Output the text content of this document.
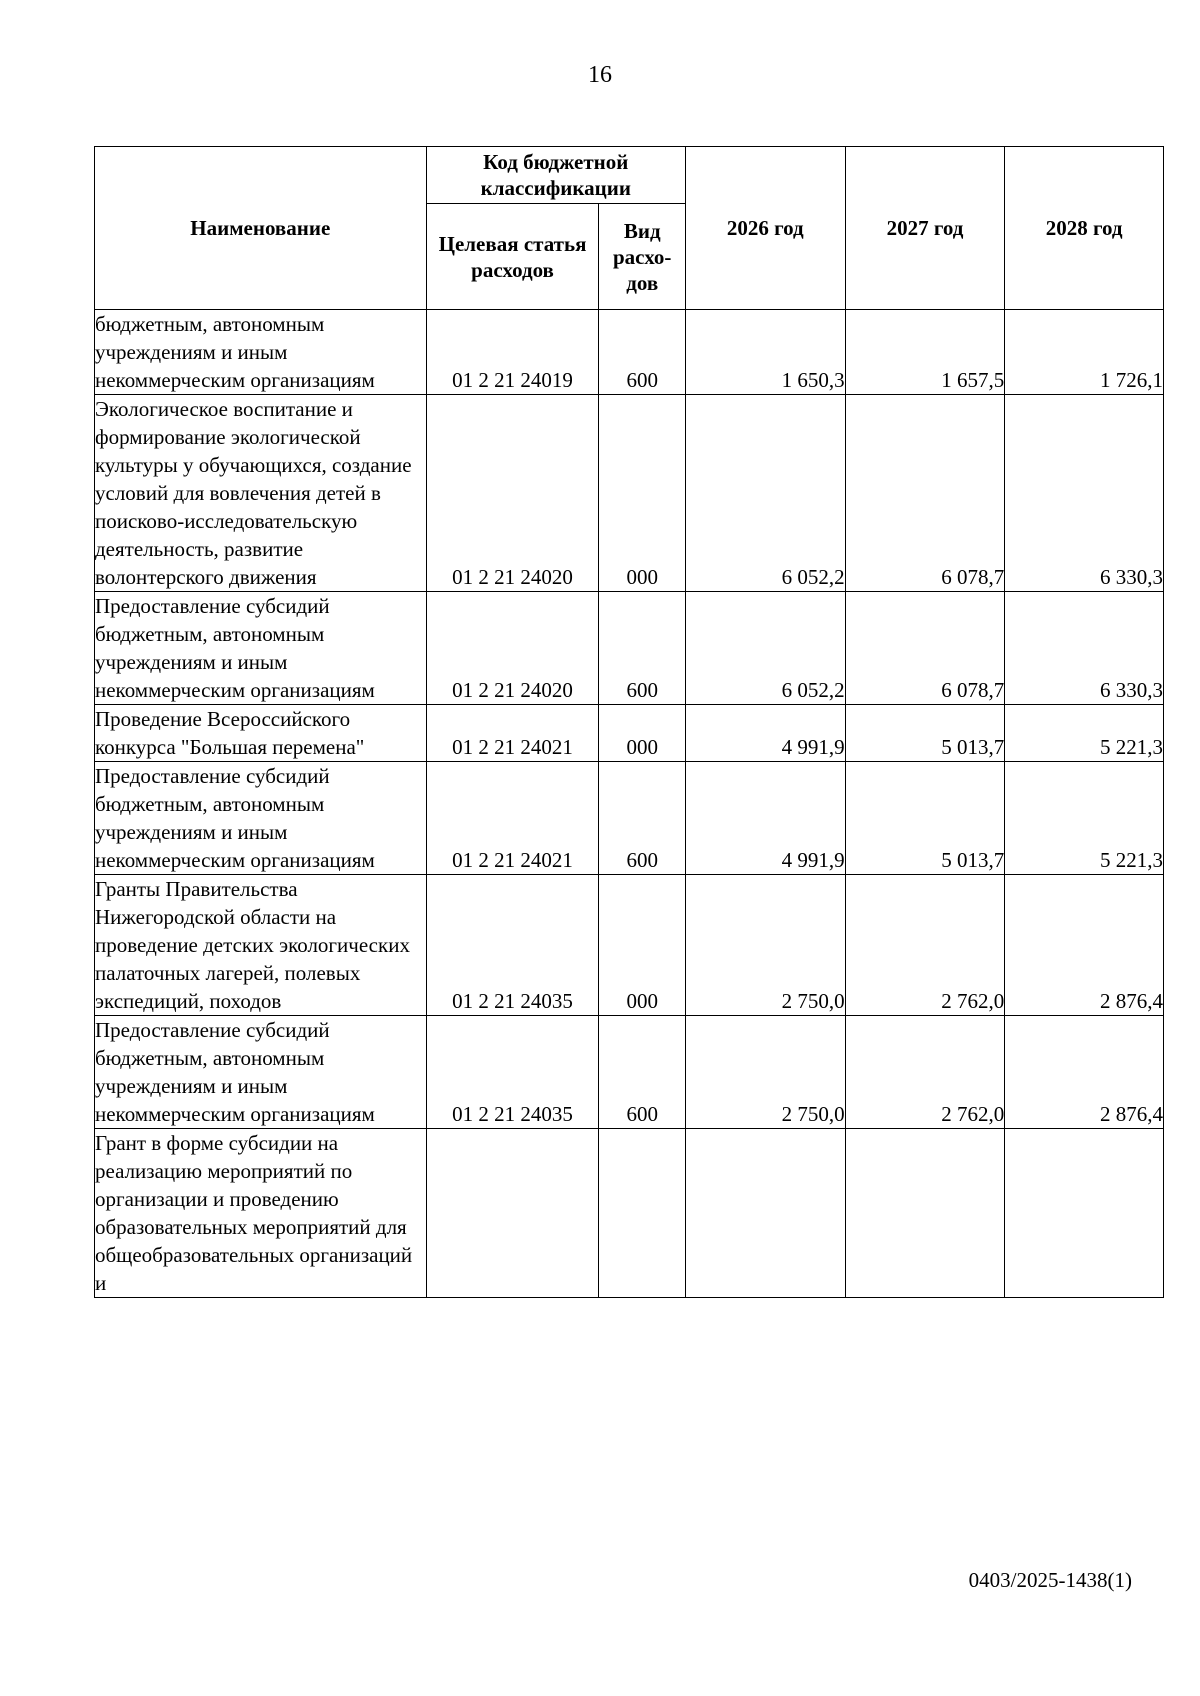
16
Наименование	Код бюджетной классификации		2026 год	2027 год	2028 год
	Целевая статья расходов	Вид расхо-дов			
бюджетным, автономным учреждениям и иным некоммерческим организациям	01 2 21 24019	600	1 650,3	1 657,5	1 726,1
Экологическое воспитание и формирование экологической культуры у обучающихся, создание условий для вовлечения детей в поисково-исследовательскую деятельность, развитие волонтерского движения	01 2 21 24020	000	6 052,2	6 078,7	6 330,3
Предоставление субсидий бюджетным, автономным учреждениям и иным некоммерческим организациям	01 2 21 24020	600	6 052,2	6 078,7	6 330,3
Проведение Всероссийского конкурса "Большая перемена"	01 2 21 24021	000	4 991,9	5 013,7	5 221,3
Предоставление субсидий бюджетным, автономным учреждениям и иным некоммерческим организациям	01 2 21 24021	600	4 991,9	5 013,7	5 221,3
Гранты Правительства Нижегородской области на проведение детских экологических палаточных лагерей, полевых экспедиций, походов	01 2 21 24035	000	2 750,0	2 762,0	2 876,4
Предоставление субсидий бюджетным, автономным учреждениям и иным некоммерческим организациям	01 2 21 24035	600	2 750,0	2 762,0	2 876,4
Грант в форме субсидии на реализацию мероприятий по организации и проведению образовательных мероприятий для общеобразовательных организаций и					
0403/2025-1438(1)
